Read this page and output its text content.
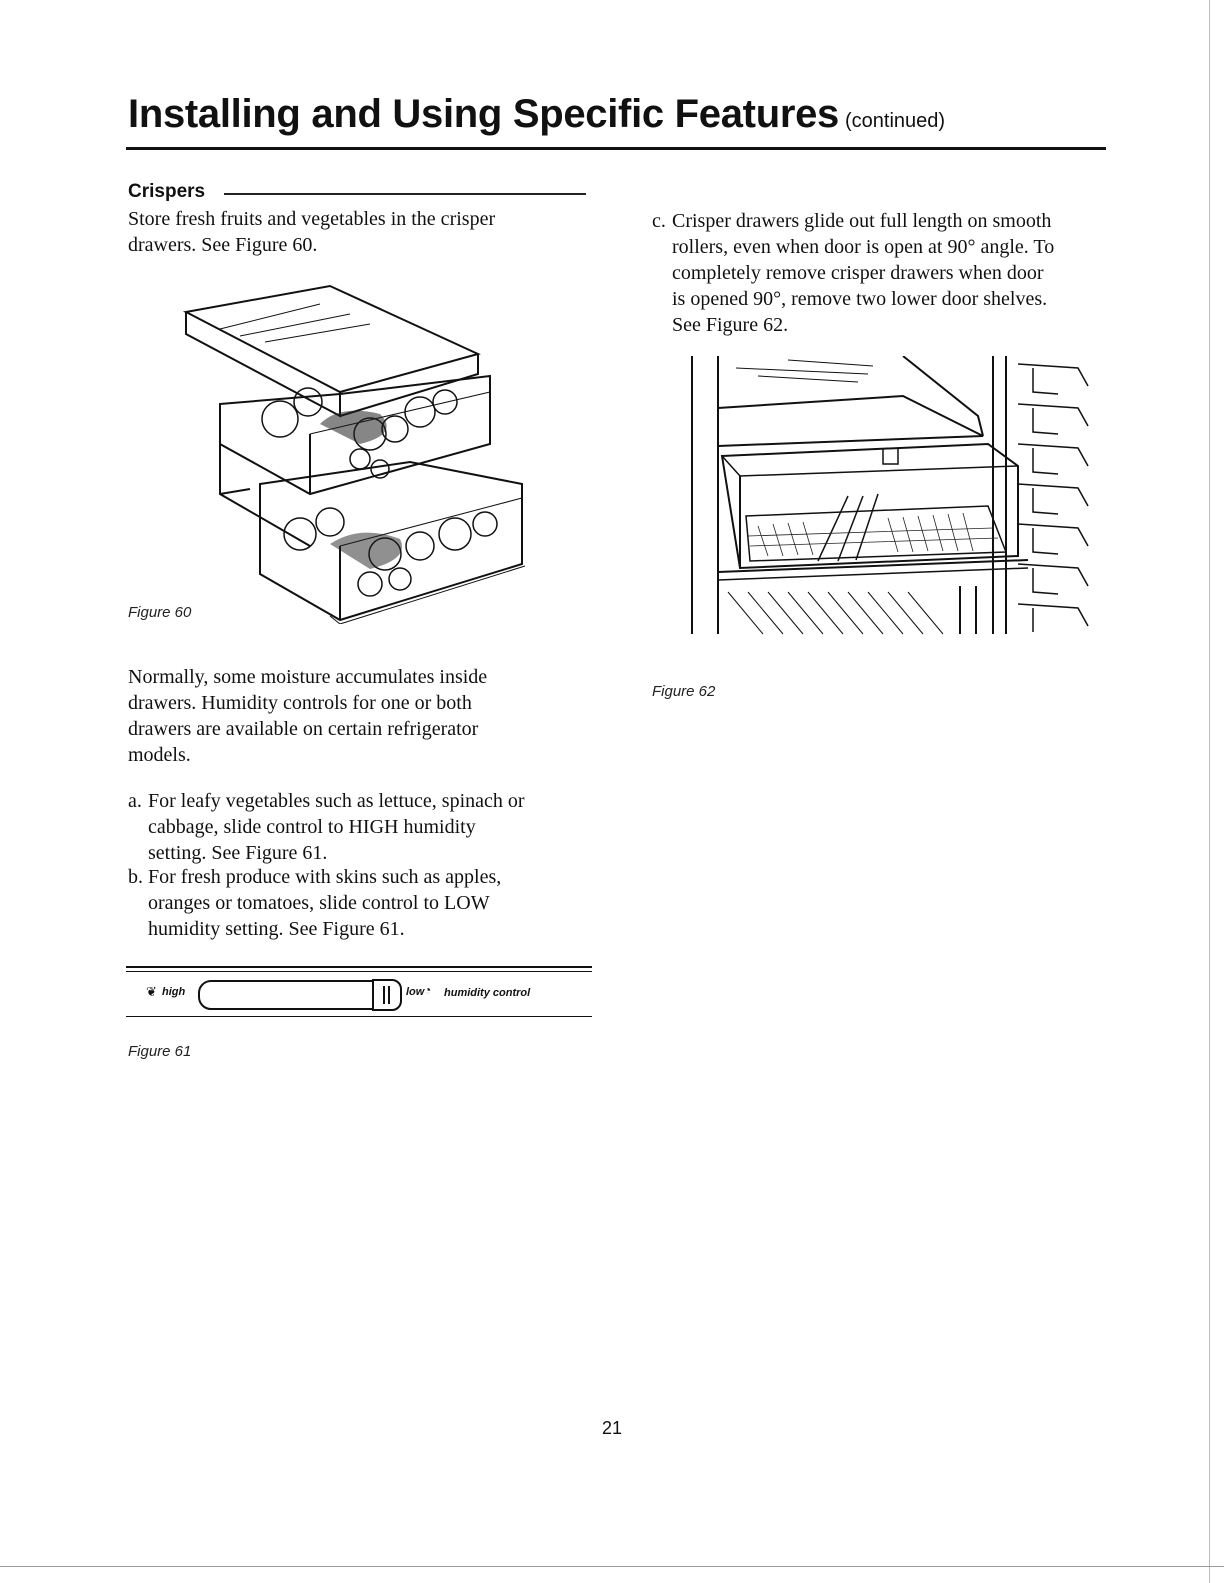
Installing and Using Specific Features (continued)
Crispers

Store fresh fruits and vegetables in the crisper
drawers. See Figure 60.

Figure 60

Normally, some moisture accumulates inside
drawers. Humidity controls for one or both
drawers are available on certain refrigerator
models.

a. For leafy vegetables such as lettuce, spinach or
cabbage, slide control to HIGH humidity
setting. See Figure 61.
b. For fresh produce with skins such as apples,
oranges or tomatoes, slide control to LOW
humidity setting. See Figure 61.
❦ high	low ◔ humidity control
Figure 61
c. Crisper drawers glide out full length on smooth
rollers, even when door is open at 90° angle. To
completely remove crisper drawers when door
is opened 90°, remove two lower door shelves.
See Figure 62.
Figure 62
21
